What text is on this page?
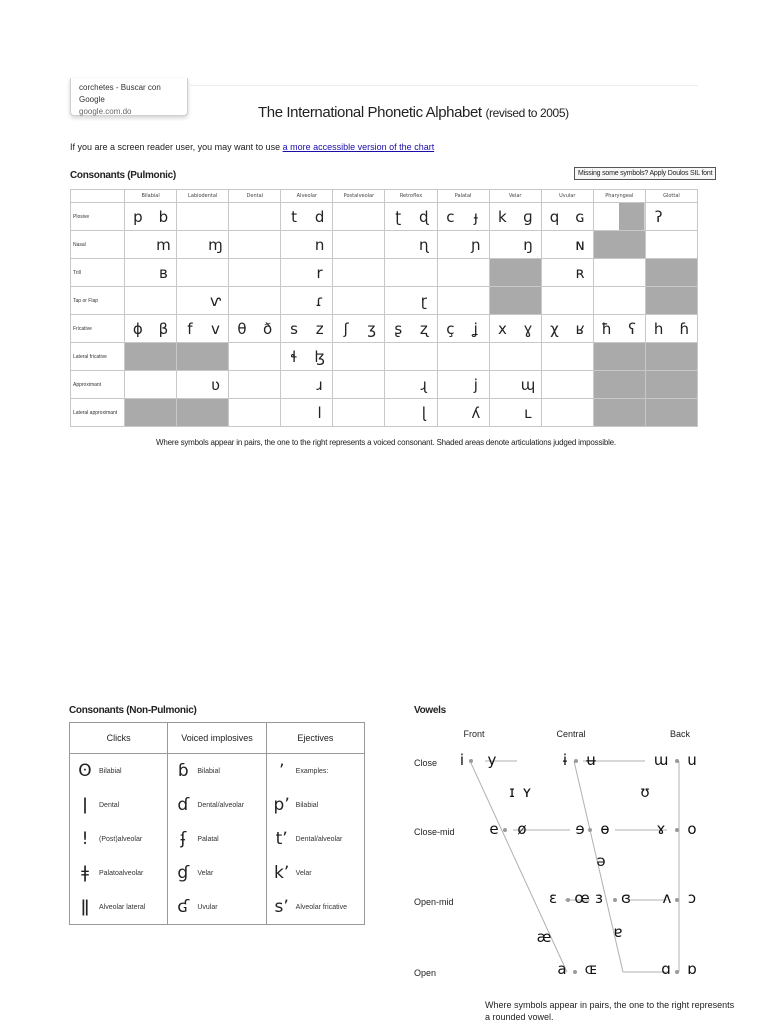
corchetes - Buscar con Google
google.com.do	The International Phonetic Alphabet (revised to 2005)
If you are a screen reader user, you may want to use a more accessible version of the chart
Consonants (Pulmonic)	Missing some symbols? Apply Doulos SIL font
	Bilabial	Labiodental	Dental	Alveolar	Postalveolar	Retroflex	Palatal	Velar	Uvular	Pharyngeal	Glottal
Plosive	p b			t d		ʈ ɖ	c ɟ	k ɡ	q ɢ		ʔ

Nasal	m	ɱ		n		ɳ	ɲ	ŋ	ɴ		

Trill	ʙ			r					ʀ		

Tap or Flap		ⱱ		ɾ		ɽ					

Fricative	ɸ β	f v	θ ð	s z	ʃ ʒ	ʂ ʐ	ç ʝ	x ɣ	χ ʁ	ħ ʕ	h ɦ

Lateral fricative				ɬ ɮ							

Approximant		ʋ		ɹ		ɻ	j	ɰ			

Lateral approximant				l		ɭ	ʎ	ʟ			

Where symbols appear in pairs, the one to the right represents a voiced consonant. Shaded areas denote articulations judged impossible.
Consonants (Non-Pulmonic)
Clicks	Voiced implosives	Ejectives

ʘ Bilabial	ɓ Bilabial	ʼ Examples:

ǀ Dental	ɗ Dental/alveolar	pʼ Bilabial

! (Post)alveolar	ʄ Palatal	tʼ Dental/alveolar

ǂ Palatoalveolar	ɠ Velar	kʼ Velar

ǁ Alveolar lateral	ʛ Uvular	sʼ Alveolar fricative
Vowels
Front	Central	Back
Close
Close-mid
Open-mid
Open
i y	ɨ ʉ	ɯ u
ɪ ʏ	ʊ
e ø	ɘ ɵ	ɤ o
ə
ɛ œ ɜ ɞ ʌ ɔ
æ	ɐ
a ɶ	ɑ ɒ
Where symbols appear in pairs, the one to the right represents
a rounded vowel.
